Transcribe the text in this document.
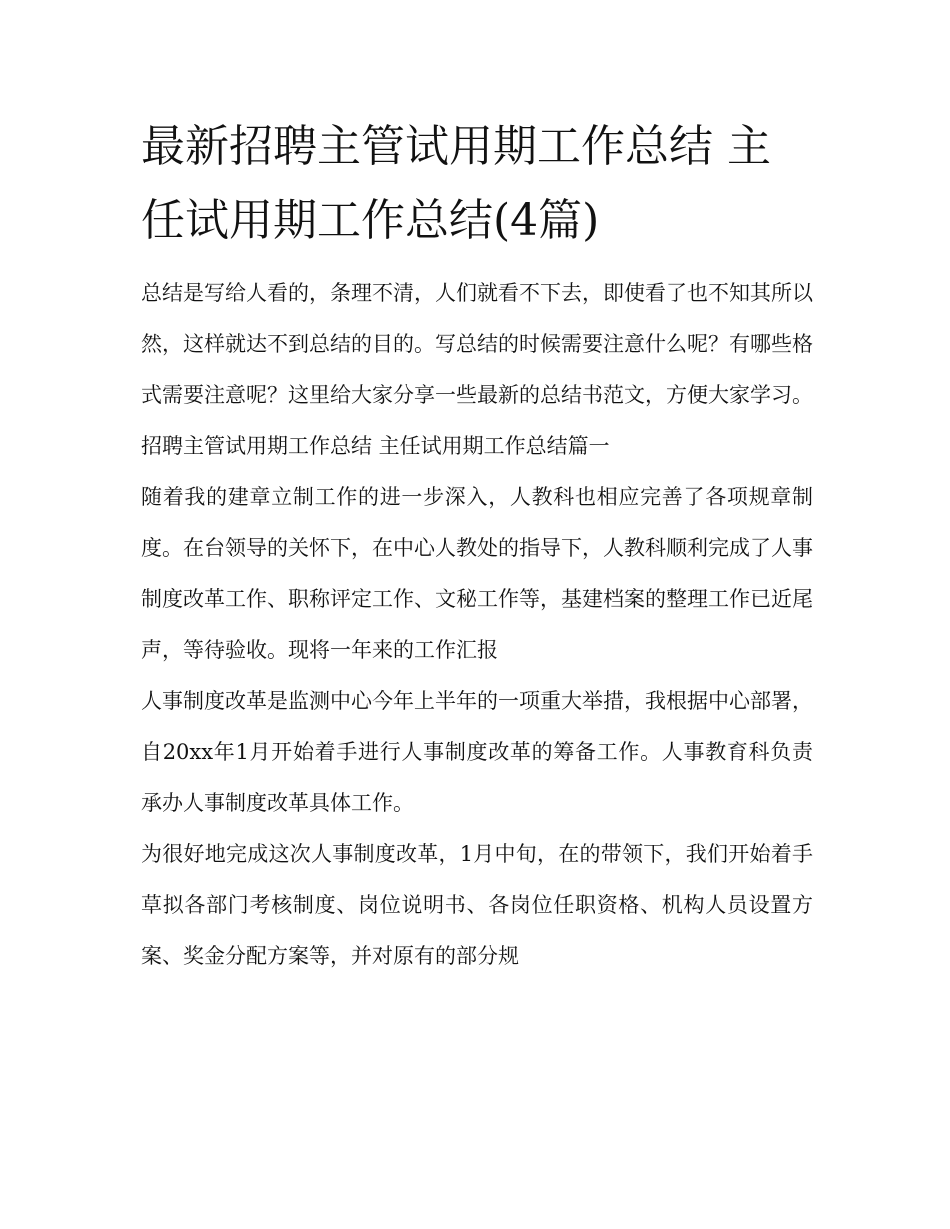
最新招聘主管试用期工作总结 主任试用期工作总结(4篇)

总结是写给人看的，条理不清，人们就看不下去，即使看了也不知其所以然，这样就达不到总结的目的。写总结的时候需要注意什么呢？有哪些格式需要注意呢？这里给大家分享一些最新的总结书范文，方便大家学习。

招聘主管试用期工作总结 主任试用期工作总结篇一

随着我的建章立制工作的进一步深入，人教科也相应完善了各项规章制度。在台领导的关怀下，在中心人教处的指导下，人教科顺利完成了人事制度改革工作、职称评定工作、文秘工作等，基建档案的整理工作已近尾声，等待验收。现将一年来的工作汇报

人事制度改革是监测中心今年上半年的一项重大举措，我根据中心部署，自20xx年1月开始着手进行人事制度改革的筹备工作。人事教育科负责承办人事制度改革具体工作。

为很好地完成这次人事制度改革，1月中旬，在的带领下，我们开始着手草拟各部门考核制度、岗位说明书、各岗位任职资格、机构人员设置方案、奖金分配方案等，并对原有的部分规
